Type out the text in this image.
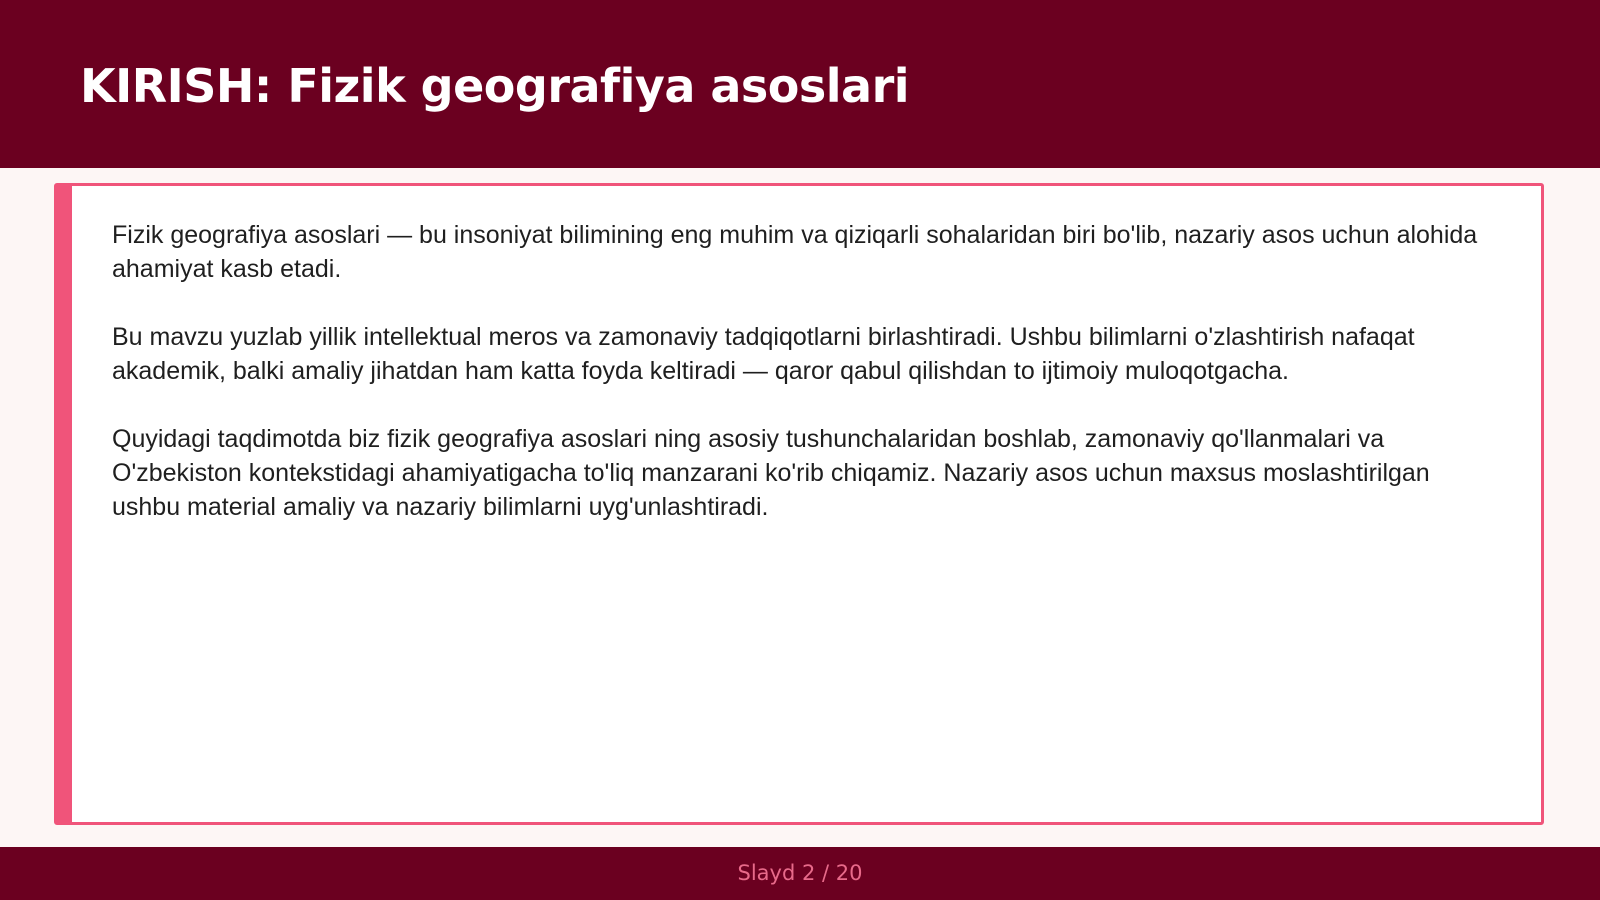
KIRISH: Fizik geografiya asoslari

Fizik geografiya asoslari — bu insoniyat bilimining eng muhim va qiziqarli sohalaridan biri bo'lib, nazariy asos uchun alohida ahamiyat kasb etadi.

Bu mavzu yuzlab yillik intellektual meros va zamonaviy tadqiqotlarni birlashtiradi. Ushbu bilimlarni o'zlashtirish nafaqat akademik, balki amaliy jihatdan ham katta foyda keltiradi — qaror qabul qilishdan to ijtimoiy muloqotgacha.

Quyidagi taqdimotda biz fizik geografiya asoslari ning asosiy tushunchalaridan boshlab, zamonaviy qo'llanmalari va O'zbekiston kontekstidagi ahamiyatigacha to'liq manzarani ko'rib chiqamiz. Nazariy asos uchun maxsus moslashtirilgan ushbu material amaliy va nazariy bilimlarni uyg'unlashtiradi.

Slayd 2 / 20
